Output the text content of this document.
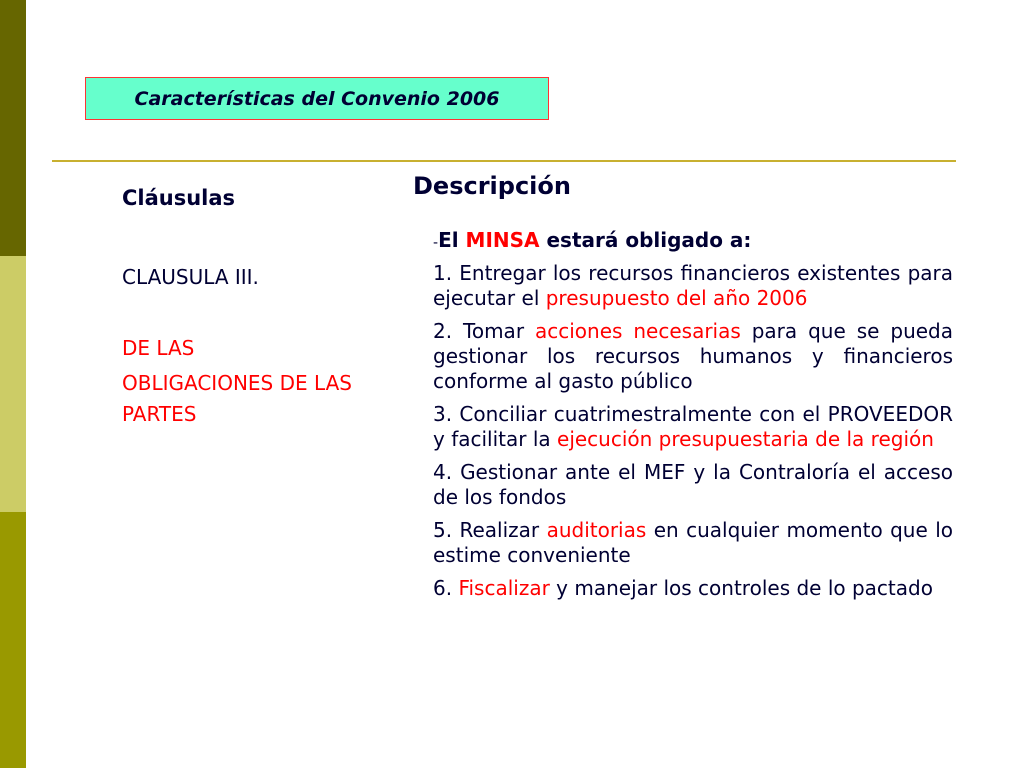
Características del Convenio 2006
Cláusulas	Descripción
CLAUSULA III.
DE LAS
OBLIGACIONES DE LAS PARTES

-El MINSA estará obligado a:

1. Entregar los recursos financieros existentes para ejecutar el presupuesto del año 2006

2. Tomar acciones necesarias para que se pueda gestionar los recursos humanos y financieros conforme al gasto público

3. Conciliar cuatrimestralmente con el PROVEEDOR y facilitar la ejecución presupuestaria de la región

4. Gestionar ante el MEF y la Contraloría el acceso de los fondos

5. Realizar auditorias en cualquier momento que lo estime conveniente

6. Fiscalizar y manejar los controles de lo pactado
